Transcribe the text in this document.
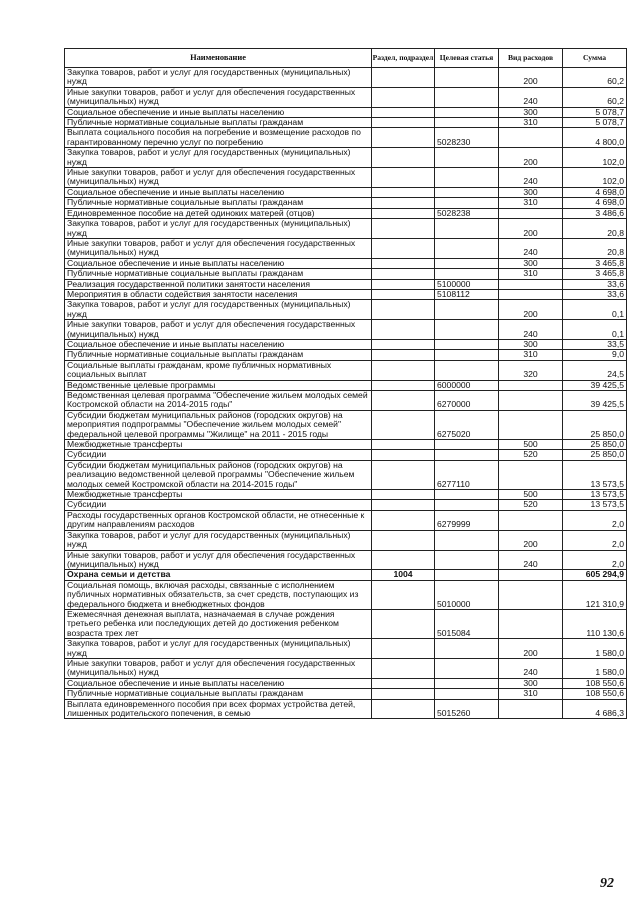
Наименование	Раздел, подраздел	Целевая статья	Вид расходов	Сумма
Закупка товаров, работ и услуг для государственных (муниципальных) нужд			200	60,2
Иные закупки товаров, работ и услуг для обеспечения государственных (муниципальных) нужд			240	60,2
Социальное обеспечение и иные выплаты населению			300	5 078,7
Публичные нормативные социальные выплаты гражданам			310	5 078,7
Выплата социального пособия на погребение и возмещение расходов по гарантированному перечню услуг по погребению		5028230		4 800,0
Закупка товаров, работ и услуг для государственных (муниципальных) нужд			200	102,0
Иные закупки товаров, работ и услуг для обеспечения государственных (муниципальных) нужд			240	102,0
Социальное обеспечение и иные выплаты населению			300	4 698,0
Публичные нормативные социальные выплаты гражданам			310	4 698,0
Единовременное пособие на детей одиноких матерей (отцов)		5028238		3 486,6
Закупка товаров, работ и услуг для государственных (муниципальных) нужд			200	20,8
Иные закупки товаров, работ и услуг для обеспечения государственных (муниципальных) нужд			240	20,8
Социальное обеспечение и иные выплаты населению			300	3 465,8
Публичные нормативные социальные выплаты гражданам			310	3 465,8
Реализация государственной политики занятости населения		5100000		33,6
Мероприятия в области содействия занятости населения		5108112		33,6
Закупка товаров, работ и услуг для государственных (муниципальных) нужд			200	0,1
Иные закупки товаров, работ и услуг для обеспечения государственных (муниципальных) нужд			240	0,1
Социальное обеспечение и иные выплаты населению			300	33,5
Публичные нормативные социальные выплаты гражданам			310	9,0
Социальные выплаты гражданам, кроме публичных нормативных социальных выплат			320	24,5
Ведомственные целевые программы		6000000		39 425,5
Ведомственная целевая программа "Обеспечение жильем молодых семей Костромской области на 2014-2015 годы"		6270000		39 425,5
Субсидии бюджетам муниципальных районов (городских округов) на мероприятия подпрограммы "Обеспечение жильем молодых семей" федеральной целевой программы "Жилище" на 2011 - 2015 годы		6275020		25 850,0
Межбюджетные трансферты			500	25 850,0
Субсидии			520	25 850,0
Субсидии бюджетам муниципальных районов (городских округов) на реализацию ведомственной целевой программы "Обеспечение жильем молодых семей Костромской области на 2014-2015 годы"		6277110		13 573,5
Межбюджетные трансферты			500	13 573,5
Субсидии			520	13 573,5
Расходы государственных органов Костромской области, не отнесенные к другим направлениям расходов		6279999		2,0
Закупка товаров, работ и услуг для государственных (муниципальных) нужд			200	2,0
Иные закупки товаров, работ и услуг для обеспечения государственных (муниципальных) нужд			240	2,0
Охрана семьи и детства	1004			605 294,9
Социальная помощь, включая расходы, связанные с исполнением публичных нормативных обязательств, за счет средств, поступающих из федерального бюджета и внебюджетных фондов		5010000		121 310,9
Ежемесячная денежная выплата, назначаемая в случае рождения третьего ребенка или последующих детей до достижения ребенком возраста трех лет		5015084		110 130,6
Закупка товаров, работ и услуг для государственных (муниципальных) нужд			200	1 580,0
Иные закупки товаров, работ и услуг для обеспечения государственных (муниципальных) нужд			240	1 580,0
Социальное обеспечение и иные выплаты населению			300	108 550,6
Публичные нормативные социальные выплаты гражданам			310	108 550,6
Выплата единовременного пособия при всех формах устройства детей, лишенных родительского попечения, в семью		5015260		4 686,3
92
